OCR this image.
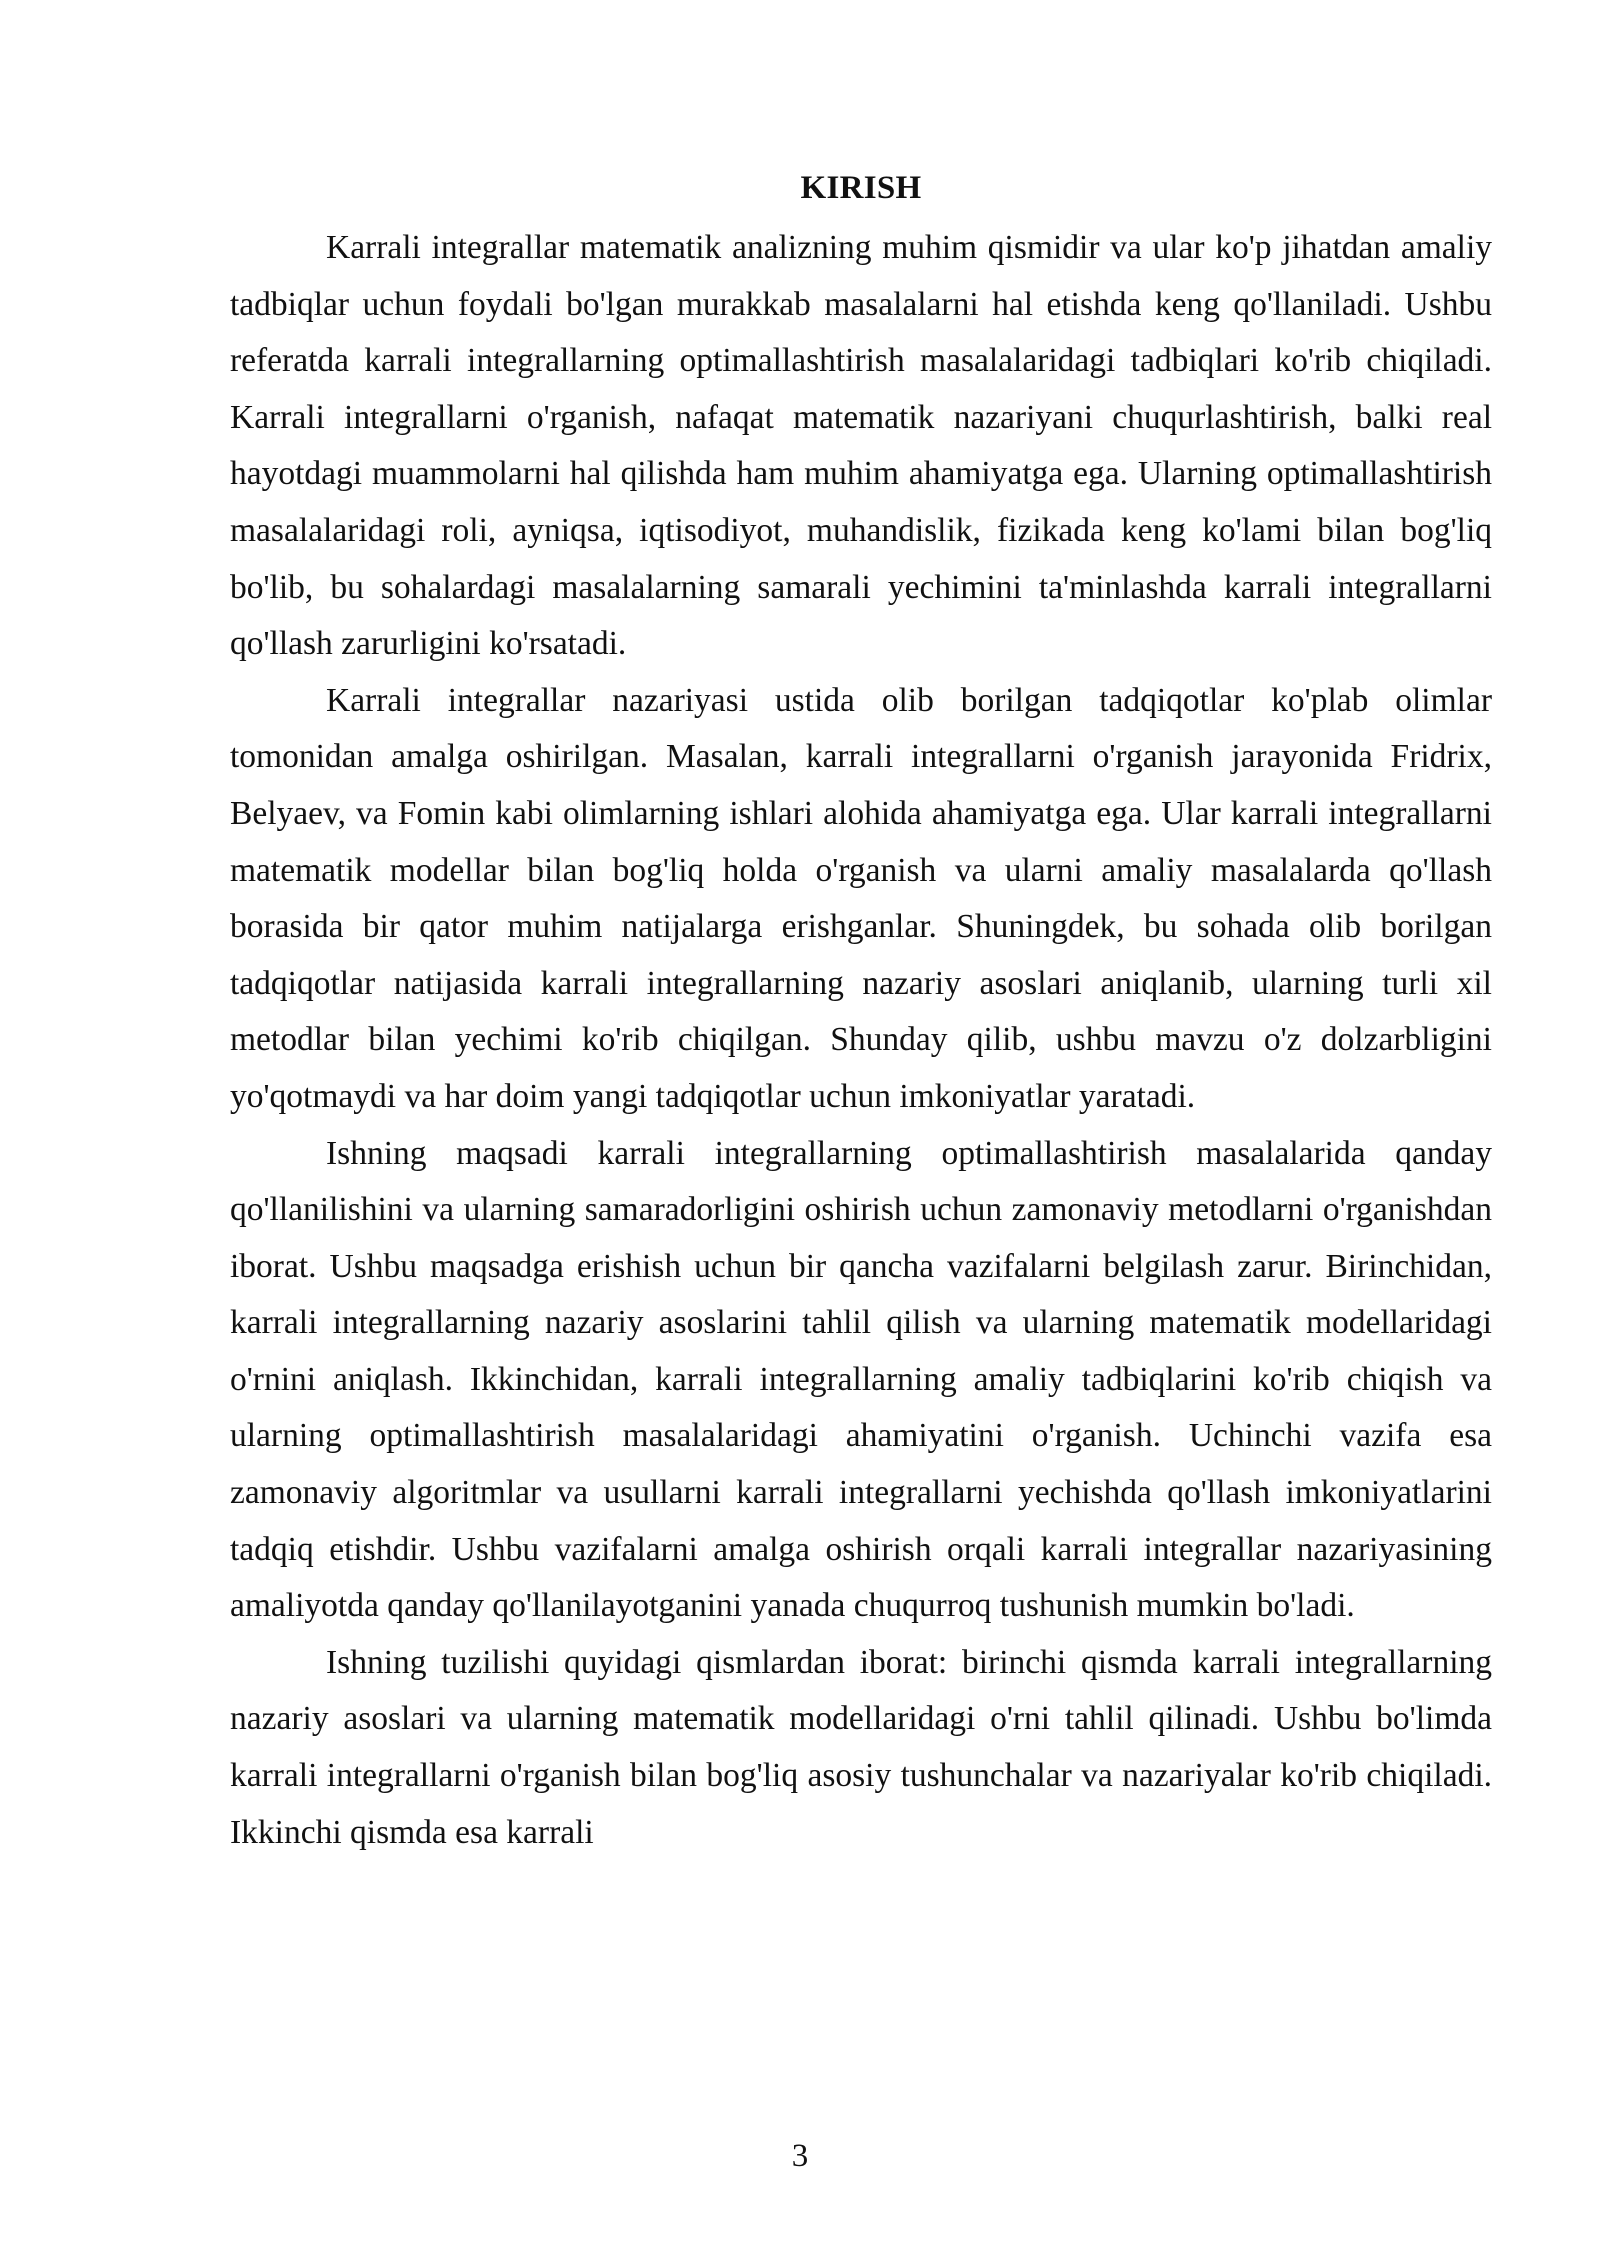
KIRISH

Karrali integrallar matematik analizning muhim qismidir va ular ko'p jihatdan amaliy tadbiqlar uchun foydali bo'lgan murakkab masalalarni hal etishda keng qo'llaniladi. Ushbu referatda karrali integrallarning optimallashtirish masalalaridagi tadbiqlari ko'rib chiqiladi. Karrali integrallarni o'rganish, nafaqat matematik nazariyani chuqurlashtirish, balki real hayotdagi muammolarni hal qilishda ham muhim ahamiyatga ega. Ularning optimallashtirish masalalaridagi roli, ayniqsa, iqtisodiyot, muhandislik, fizikada keng ko'lami bilan bog'liq bo'lib, bu sohalardagi masalalarning samarali yechimini ta'minlashda karrali integrallarni qo'llash zarurligini ko'rsatadi.

Karrali integrallar nazariyasi ustida olib borilgan tadqiqotlar ko'plab olimlar tomonidan amalga oshirilgan. Masalan, karrali integrallarni o'rganish jarayonida Fridrix, Belyaev, va Fomin kabi olimlarning ishlari alohida ahamiyatga ega. Ular karrali integrallarni matematik modellar bilan bog'liq holda o'rganish va ularni amaliy masalalarda qo'llash borasida bir qator muhim natijalarga erishganlar. Shuningdek, bu sohada olib borilgan tadqiqotlar natijasida karrali integrallarning nazariy asoslari aniqlanib, ularning turli xil metodlar bilan yechimi ko'rib chiqilgan. Shunday qilib, ushbu mavzu o'z dolzarbligini yo'qotmaydi va har doim yangi tadqiqotlar uchun imkoniyatlar yaratadi.

Ishning maqsadi karrali integrallarning optimallashtirish masalalarida qanday qo'llanilishini va ularning samaradorligini oshirish uchun zamonaviy metodlarni o'rganishdan iborat. Ushbu maqsadga erishish uchun bir qancha vazifalarni belgilash zarur. Birinchidan, karrali integrallarning nazariy asoslarini tahlil qilish va ularning matematik modellaridagi o'rnini aniqlash. Ikkinchidan, karrali integrallarning amaliy tadbiqlarini ko'rib chiqish va ularning optimallashtirish masalalaridagi ahamiyatini o'rganish. Uchinchi vazifa esa zamonaviy algoritmlar va usullarni karrali integrallarni yechishda qo'llash imkoniyatlarini tadqiq etishdir. Ushbu vazifalarni amalga oshirish orqali karrali integrallar nazariyasining amaliyotda qanday qo'llanilayotganini yanada chuqurroq tushunish mumkin bo'ladi.

Ishning tuzilishi quyidagi qismlardan iborat: birinchi qismda karrali integrallarning nazariy asoslari va ularning matematik modellaridagi o'rni tahlil qilinadi. Ushbu bo'limda karrali integrallarni o'rganish bilan bog'liq asosiy tushunchalar va nazariyalar ko'rib chiqiladi. Ikkinchi qismda esa karrali

3
